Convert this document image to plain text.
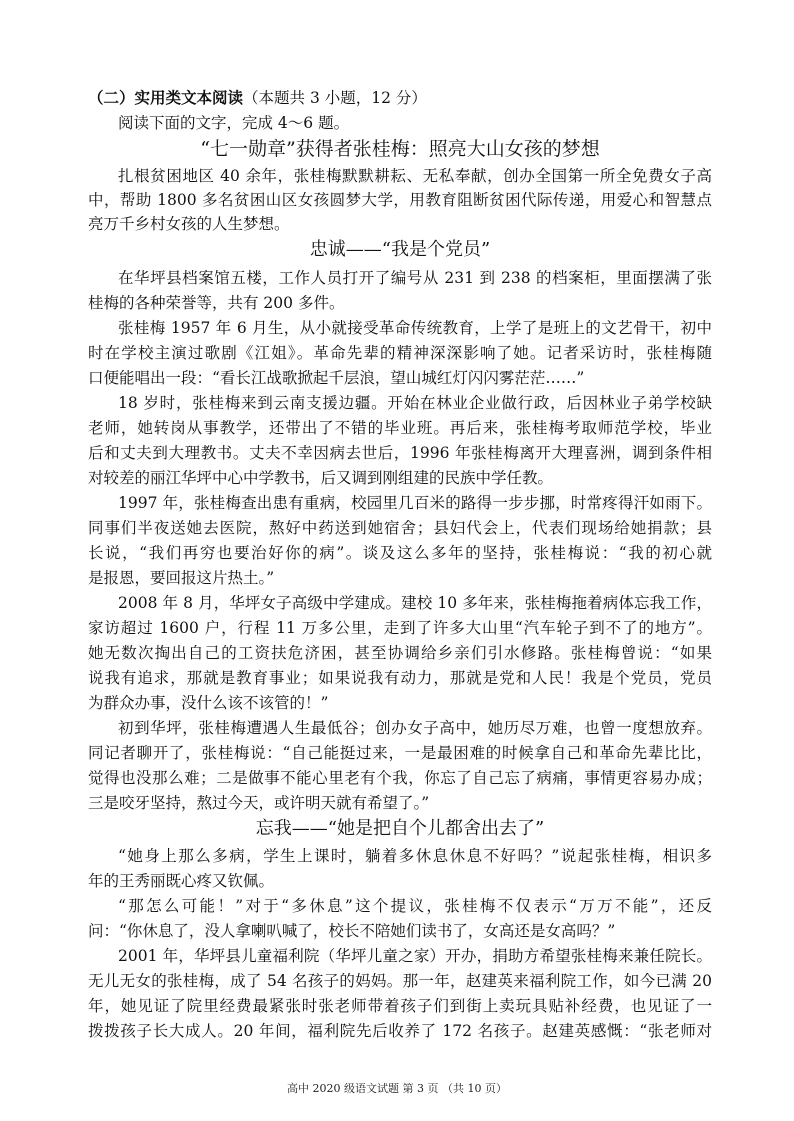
（二）实用类文本阅读（本题共 3 小题，12 分）
阅读下面的文字，完成 4～6 题。
“七一勋章”获得者张桂梅：照亮大山女孩的梦想
扎根贫困地区 40 余年，张桂梅默默耕耘、无私奉献，创办全国第一所全免费女子高
中，帮助 1800 多名贫困山区女孩圆梦大学，用教育阻断贫困代际传递，用爱心和智慧点
亮万千乡村女孩的人生梦想。
忠诚——“我是个党员”
在华坪县档案馆五楼，工作人员打开了编号从 231 到 238 的档案柜，里面摆满了张
桂梅的各种荣誉等，共有 200 多件。
张桂梅 1957 年 6 月生，从小就接受革命传统教育，上学了是班上的文艺骨干，初中
时在学校主演过歌剧《江姐》。革命先辈的精神深深影响了她。记者采访时，张桂梅随
口便能唱出一段：“看长江战歌掀起千层浪，望山城红灯闪闪雾茫茫……”
18 岁时，张桂梅来到云南支援边疆。开始在林业企业做行政，后因林业子弟学校缺
老师，她转岗从事教学，还带出了不错的毕业班。再后来，张桂梅考取师范学校，毕业
后和丈夫到大理教书。丈夫不幸因病去世后，1996 年张桂梅离开大理喜洲，调到条件相
对较差的丽江华坪中心中学教书，后又调到刚组建的民族中学任教。
1997 年，张桂梅查出患有重病，校园里几百米的路得一步步挪，时常疼得汗如雨下。
同事们半夜送她去医院，熬好中药送到她宿舍；县妇代会上，代表们现场给她捐款；县
长说，“我们再穷也要治好你的病”。谈及这么多年的坚持，张桂梅说：“我的初心就
是报恩，要回报这片热土。”
2008 年 8 月，华坪女子高级中学建成。建校 10 多年来，张桂梅拖着病体忘我工作，
家访超过 1600 户，行程 11 万多公里，走到了许多大山里“汽车轮子到不了的地方”。
她无数次掏出自己的工资扶危济困，甚至协调给乡亲们引水修路。张桂梅曾说：“如果
说我有追求，那就是教育事业；如果说我有动力，那就是党和人民！我是个党员，党员
为群众办事，没什么该不该管的！”
初到华坪，张桂梅遭遇人生最低谷；创办女子高中，她历尽万难，也曾一度想放弃。
同记者聊开了，张桂梅说：“自己能挺过来，一是最困难的时候拿自己和革命先辈比比，
觉得也没那么难；二是做事不能心里老有个我，你忘了自己忘了病痛，事情更容易办成；
三是咬牙坚持，熬过今天，或许明天就有希望了。”
忘我——“她是把自个儿都舍出去了”
“她身上那么多病，学生上课时，躺着多休息休息不好吗？”说起张桂梅，相识多
年的王秀丽既心疼又钦佩。
“那怎么可能！”对于“多休息”这个提议，张桂梅不仅表示“万万不能”，还反
问：“你休息了，没人拿喇叭喊了，校长不陪她们读书了，女高还是女高吗？”
2001 年，华坪县儿童福利院（华坪儿童之家）开办，捐助方希望张桂梅来兼任院长。
无儿无女的张桂梅，成了 54 名孩子的妈妈。那一年，赵建英来福利院工作，如今已满 20
年，她见证了院里经费最紧张时张老师带着孩子们到街上卖玩具贴补经费，也见证了一
拨拨孩子长大成人。20 年间，福利院先后收养了 172 名孩子。赵建英感慨：“张老师对
高中 2020 级语文试题 第 3 页 （共 10 页）
